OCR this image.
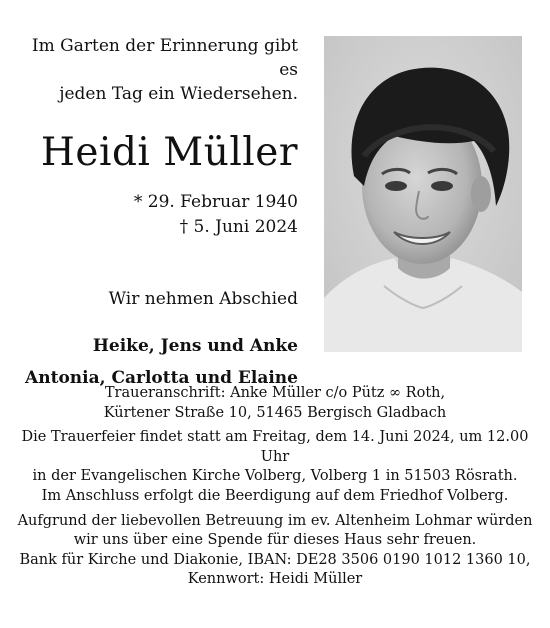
Im Garten der Erinnerung gibt es
jeden Tag ein Wiedersehen.
Heidi Müller
* 29. Februar 1940
† 5. Juni 2024
Wir nehmen Abschied
Heike, Jens und Anke
Antonia, Carlotta und Elaine
Traueranschrift: Anke Müller c/o Pütz ∞ Roth,
Kürtener Straße 10, 51465 Bergisch Gladbach
Die Trauerfeier findet statt am Freitag, dem 14. Juni 2024, um 12.00 Uhr
in der Evangelischen Kirche Volberg, Volberg 1 in 51503 Rösrath.
Im Anschluss erfolgt die Beerdigung auf dem Friedhof Volberg.
Aufgrund der liebevollen Betreuung im ev. Altenheim Lohmar würden
wir uns über eine Spende für dieses Haus sehr freuen.
Bank für Kirche und Diakonie, IBAN: DE28 3506 0190 1012 1360 10,
Kennwort: Heidi Müller
